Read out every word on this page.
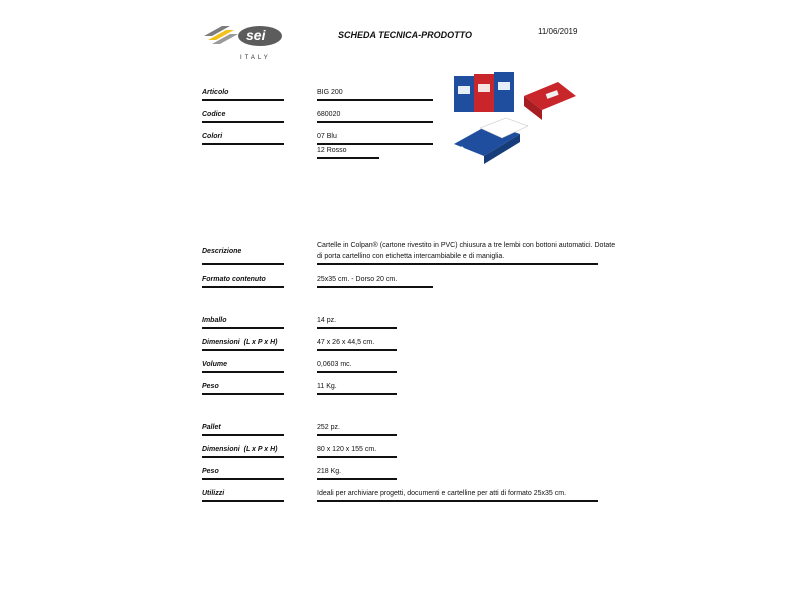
sei
ITALY
SCHEDA TECNICA-PRODOTTO	11/06/2019
Articolo	BIG 200
Codice	680020
Colori	07 Blu
12 Rosso
Descrizione
Cartelle in Colpan® (cartone rivestito in PVC) chiusura a tre lembi con bottoni automatici. Dotate
di porta cartellino con etichetta intercambiabile e di maniglia.
Formato contenuto	25x35 cm. - Dorso 20 cm.
Imballo	14 pz.
Dimensioni  (L x P x H)	47 x 26 x 44,5 cm.
Volume	0,0603 mc.
Peso	11 Kg.
Pallet	252 pz.
Dimensioni  (L x P x H)	80 x 120 x 155 cm.
Peso	218 Kg.
Utilizzi	Ideali per archiviare progetti, documenti e cartelline per atti di formato 25x35 cm.
